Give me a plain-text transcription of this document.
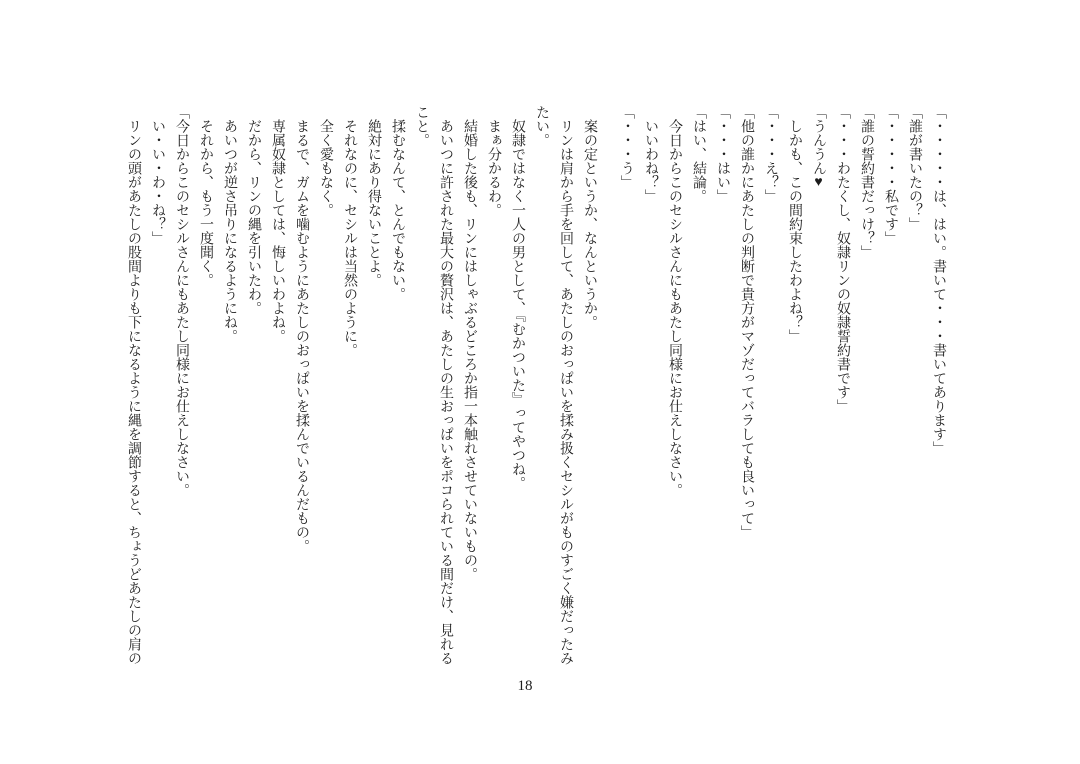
「・・・・・は、はい。書いて・・・書いてあります」
「誰が書いたの？」
「・・・・・私です」
「誰の誓約書だっけ？」
「・・・わたくし、奴隷リンの奴隷誓約書です」
「うんうん♥
　しかも、この間約束したわよね？」
「・・・え？」
「他の誰かにあたしの判断で貴方がマゾだってバラしても良いって」
「・・・はい」
「はい、結論。
　今日からこのセシルさんにもあたし同様にお仕えしなさい。
　いいわね？」
「・・・う」
　案の定というか、なんというか。
　リンは肩から手を回して、あたしのおっぱいを揉み扱くセシルがものすごく嫌だったみ
たい。
　奴隷ではなく一人の男として、『むかついた』ってやつね。
　まぁ分かるわ。
　結婚した後も、リンにはしゃぶるどころか指一本触れさせていないもの。
　あいつに許された最大の贅沢は、あたしの生おっぱいをポコられている間だけ、見れる
こと。
　揉むなんて、とんでもない。
　絶対にあり得ないことよ。
　それなのに、セシルは当然のように。
　全く愛もなく。
　まるで、ガムを噛むようにあたしのおっぱいを揉んでいるんだもの。
　専属奴隷としては、悔しいわよね。
　だから、リンの縄を引いたわ。
　あいつが逆さ吊りになるようにね。
　それから、もう一度聞く。
「今日からこのセシルさんにもあたし同様にお仕えしなさい。
　い・い・わ・ね？」
　リンの頭があたしの股間よりも下になるように縄を調節すると、ちょうどあたしの肩の
18
